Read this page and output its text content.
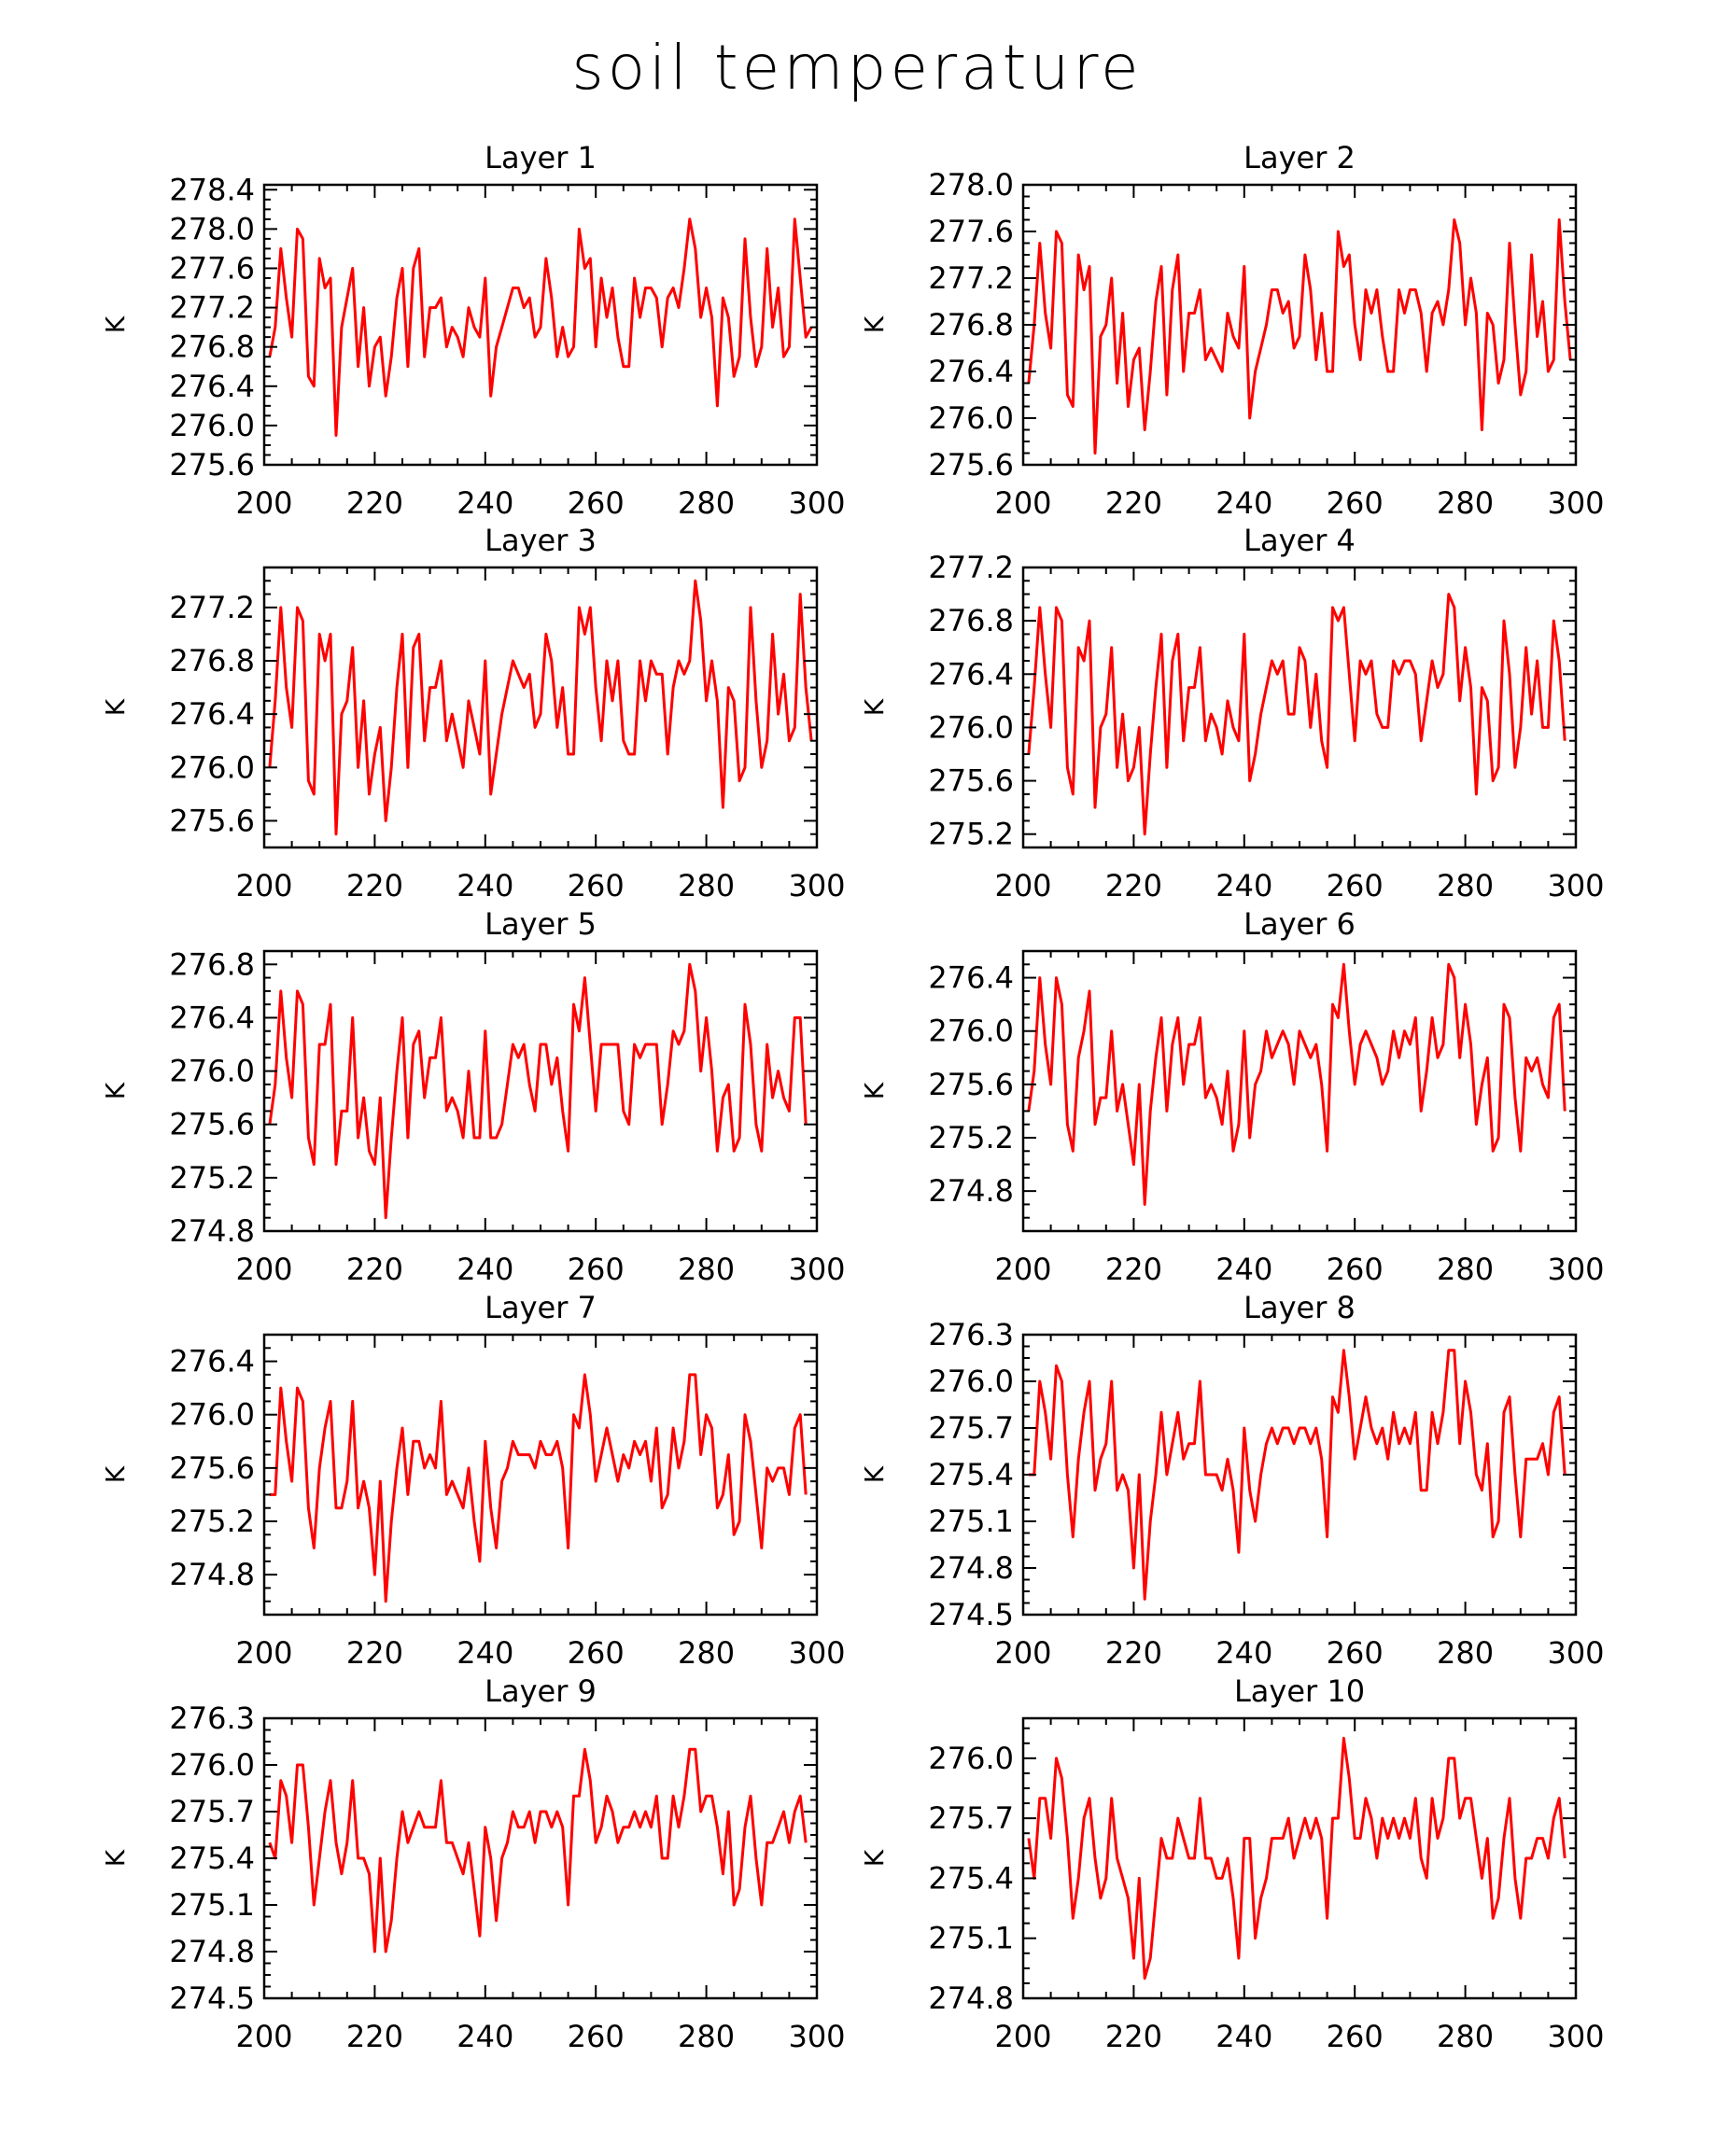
soil temperature
Layer 1
K
200 220 240 260 280 300
275.6
276.0
276.4
276.8
277.2
277.6
278.0
278.4
Layer 2
K
200 220 240 260 280 300
275.6
276.0
276.4
276.8
277.2
277.6
278.0
Layer 3
K
200 220 240 260 280 300
275.6
276.0
276.4
276.8
277.2
Layer 4
K
200 220 240 260 280 300
275.2
275.6
276.0
276.4
276.8
277.2
Layer 5
K
200 220 240 260 280 300
274.8
275.2
275.6
276.0
276.4
276.8
Layer 6
K
200 220 240 260 280 300
274.8
275.2
275.6
276.0
276.4
Layer 7
K
200 220 240 260 280 300
274.8
275.2
275.6
276.0
276.4
Layer 8
K
200 220 240 260 280 300
274.5
274.8
275.1
275.4
275.7
276.0
276.3
Layer 9
K
200 220 240 260 280 300
274.5
274.8
275.1
275.4
275.7
276.0
276.3
Layer 10
K
200 220 240 260 280 300
274.8
275.1
275.4
275.7
276.0
